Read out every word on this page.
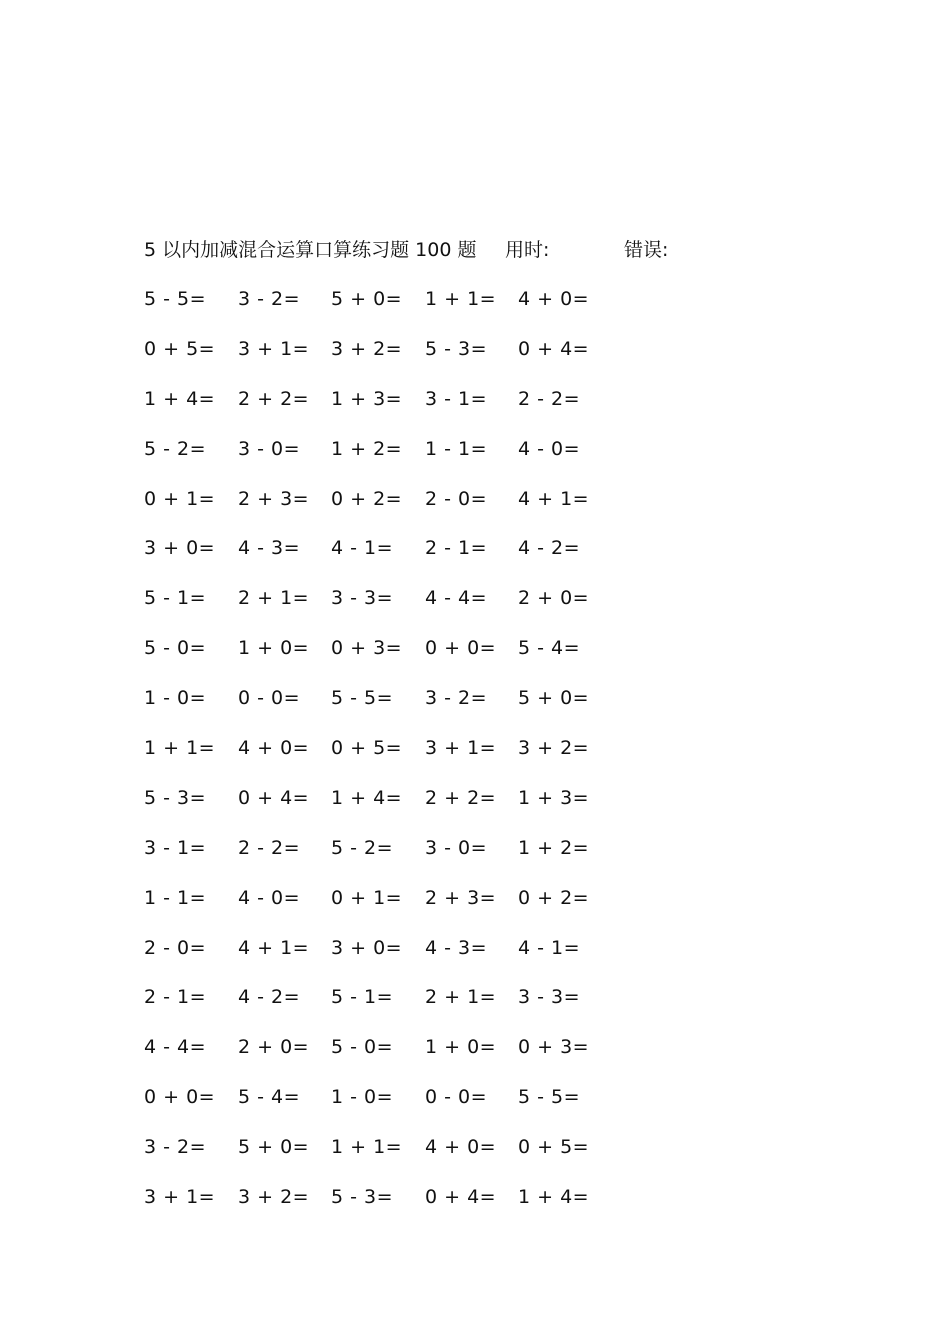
5 以内加减混合运算口算练习题 100 题 用时:	错误:
5 - 5= 3 - 2= 5 + 0= 1 + 1= 4 + 0=
0 + 5= 3 + 1= 3 + 2= 5 - 3= 0 + 4=
1 + 4= 2 + 2= 1 + 3= 3 - 1= 2 - 2=
5 - 2= 3 - 0= 1 + 2= 1 - 1= 4 - 0=
0 + 1= 2 + 3= 0 + 2= 2 - 0= 4 + 1=
3 + 0= 4 - 3= 4 - 1= 2 - 1= 4 - 2=
5 - 1= 2 + 1= 3 - 3= 4 - 4= 2 + 0=
5 - 0= 1 + 0= 0 + 3= 0 + 0= 5 - 4=
1 - 0= 0 - 0= 5 - 5= 3 - 2= 5 + 0=
1 + 1= 4 + 0= 0 + 5= 3 + 1= 3 + 2=
5 - 3= 0 + 4= 1 + 4= 2 + 2= 1 + 3=
3 - 1= 2 - 2= 5 - 2= 3 - 0= 1 + 2=
1 - 1= 4 - 0= 0 + 1= 2 + 3= 0 + 2=
2 - 0= 4 + 1= 3 + 0= 4 - 3= 4 - 1=
2 - 1= 4 - 2= 5 - 1= 2 + 1= 3 - 3=
4 - 4= 2 + 0= 5 - 0= 1 + 0= 0 + 3=
0 + 0= 5 - 4= 1 - 0= 0 - 0= 5 - 5=
3 - 2= 5 + 0= 1 + 1= 4 + 0= 0 + 5=
3 + 1= 3 + 2= 5 - 3= 0 + 4= 1 + 4=
